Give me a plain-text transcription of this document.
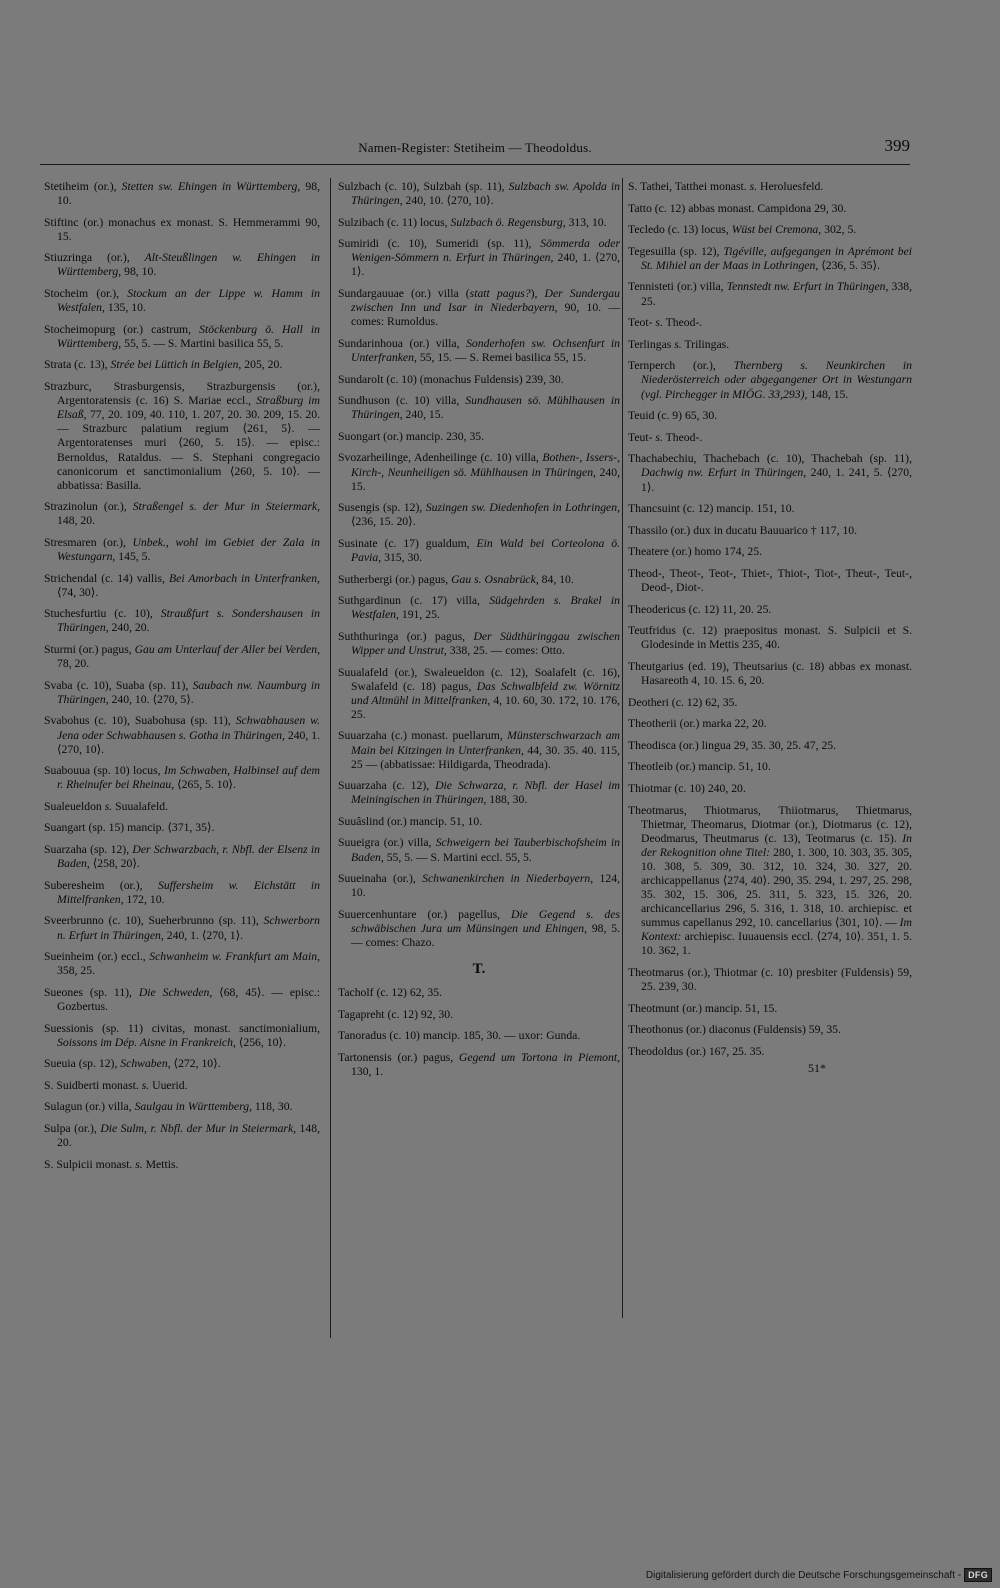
Namen-Register: Stetiheim — Theodoldus.	399

Stetiheim (or.), Stetten sw. Ehingen in Württemberg, 98, 10.

Stiftinc (or.) monachus ex monast. S. Hemmerammi 90, 15.

Stiuzringa (or.), Alt-Steußlingen w. Ehingen in Württemberg, 98, 10.

Stocheim (or.), Stockum an der Lippe w. Hamm in Westfalen, 135, 10.

Stocheimopurg (or.) castrum, Stöckenburg ö. Hall in Württemberg, 55, 5. — S. Martini basilica 55, 5.

Strata (c. 13), Strée bei Lüttich in Belgien, 205, 20.

Strazburc, Strasburgensis, Strazburgensis (or.), Argentoratensis (c. 16) S. Mariae eccl., Straßburg im Elsaß, 77, 20. 109, 40. 110, 1. 207, 20. 30. 209, 15. 20. — Strazburc palatium regium ⟨261, 5⟩. — Argentoratenses muri ⟨260, 5. 15⟩. — episc.: Bernoldus, Rataldus. — S. Stephani congregacio canonicorum et sanctimonialium ⟨260, 5. 10⟩. — abbatissa: Basilla.

Strazinolun (or.), Straßengel s. der Mur in Steiermark, 148, 20.

Stresmaren (or.), Unbek., wohl im Gebiet der Zala in Westungarn, 145, 5.

Strichendal (c. 14) vallis, Bei Amorbach in Unterfranken, ⟨74, 30⟩.

Stuchesfurtiu (c. 10), Straußfurt s. Sondershausen in Thüringen, 240, 20.

Sturmi (or.) pagus, Gau am Unterlauf der Aller bei Verden, 78, 20.

Svaba (c. 10), Suaba (sp. 11), Saubach nw. Naumburg in Thüringen, 240, 10. ⟨270, 5⟩.

Svabohus (c. 10), Suabohusa (sp. 11), Schwabhausen w. Jena oder Schwabhausen s. Gotha in Thüringen, 240, 1. ⟨270, 10⟩.

Suabouua (sp. 10) locus, Im Schwaben, Halbinsel auf dem r. Rheinufer bei Rheinau, ⟨265, 5. 10⟩.

Sualeueldon s. Suualafeld.

Suangart (sp. 15) mancip. ⟨371, 35⟩.

Suarzaha (sp. 12), Der Schwarzbach, r. Nbfl. der Elsenz in Baden, ⟨258, 20⟩.

Suberesheim (or.), Suffersheim w. Eichstätt in Mittelfranken, 172, 10.

Sveerbrunno (c. 10), Sueherbrunno (sp. 11), Schwerborn n. Erfurt in Thüringen, 240, 1. ⟨270, 1⟩.

Sueinheim (or.) eccl., Schwanheim w. Frankfurt am Main, 358, 25.

Sueones (sp. 11), Die Schweden, ⟨68, 45⟩. — episc.: Gozbertus.

Suessionis (sp. 11) civitas, monast. sanctimonialium, Soissons im Dép. Aisne in Frankreich, ⟨256, 10⟩.

Sueuia (sp. 12), Schwaben, ⟨272, 10⟩.

S. Suidberti monast. s. Uuerid.

Sulagun (or.) villa, Saulgau in Württemberg, 118, 30.

Sulpa (or.), Die Sulm, r. Nbfl. der Mur in Steiermark, 148, 20.

S. Sulpicii monast. s. Mettis.

Sulzbach (c. 10), Sulzbah (sp. 11), Sulzbach sw. Apolda in Thüringen, 240, 10. ⟨270, 10⟩.

Sulzibach (c. 11) locus, Sulzbach ö. Regensburg, 313, 10.

Sumiridi (c. 10), Sumeridi (sp. 11), Sömmerda oder Wenigen-Sömmern n. Erfurt in Thüringen, 240, 1. ⟨270, 1⟩.

Sundargauuae (or.) villa (statt pagus?), Der Sundergau zwischen Inn und Isar in Niederbayern, 90, 10. — comes: Rumoldus.

Sundarinhoua (or.) villa, Sonderhofen sw. Ochsenfurt in Unterfranken, 55, 15. — S. Remei basilica 55, 15.

Sundarolt (c. 10) (monachus Fuldensis) 239, 30.

Sundhuson (c. 10) villa, Sundhausen sö. Mühlhausen in Thüringen, 240, 15.

Suongart (or.) mancip. 230, 35.

Svozarheilinge, Adenheilinge (c. 10) villa, Bothen-, Issers-, Kirch-, Neunheiligen sö. Mühlhausen in Thüringen, 240, 15.

Susengis (sp. 12), Suzingen sw. Diedenhofen in Lothringen, ⟨236, 15. 20⟩.

Susinate (c. 17) gualdum, Ein Wald bei Corteolona ö. Pavia, 315, 30.

Sutherbergi (or.) pagus, Gau s. Osnabrück, 84, 10.

Suthgardinun (c. 17) villa, Südgehrden s. Brakel in Westfalen, 191, 25.

Suththuringa (or.) pagus, Der Südthüringgau zwischen Wipper und Unstrut, 338, 25. — comes: Otto.

Suualafeld (or.), Swaleueldon (c. 12), Soalafelt (c. 16), Swalafeld (c. 18) pagus, Das Schwalbfeld zw. Wörnitz und Altmühl in Mittelfranken, 4, 10. 60, 30. 172, 10. 176, 25.

Suuarzaha (c.) monast. puellarum, Münsterschwarzach am Main bei Kitzingen in Unterfranken, 44, 30. 35. 40. 115, 25 — (abbatissae: Hildigarda, Theodrada).

Suuarzaha (c. 12), Die Schwarza, r. Nbfl. der Hasel im Meiningischen in Thüringen, 188, 30.

Suuâslind (or.) mancip. 51, 10.

Suueigra (or.) villa, Schweigern bei Tauberbischofsheim in Baden, 55, 5. — S. Martini eccl. 55, 5.

Suueinaha (or.), Schwanenkirchen in Niederbayern, 124, 10.

Suuercenhuntare (or.) pagellus, Die Gegend s. des schwäbischen Jura um Münsingen und Ehingen, 98, 5. — comes: Chazo.

T.

Tacholf (c. 12) 62, 35.

Tagapreht (c. 12) 92, 30.

Tanoradus (c. 10) mancip. 185, 30. — uxor: Gunda.

Tartonensis (or.) pagus, Gegend um Tortona in Piemont, 130, 1.

S. Tathei, Tatthei monast. s. Heroluesfeld.

Tatto (c. 12) abbas monast. Campidona 29, 30.

Tecledo (c. 13) locus, Wüst bei Cremona, 302, 5.

Tegesuilla (sp. 12), Tigéville, aufgegangen in Aprémont bei St. Mihiel an der Maas in Lothringen, ⟨236, 5. 35⟩.

Tennisteti (or.) villa, Tennstedt nw. Erfurt in Thüringen, 338, 25.

Teot- s. Theod-.

Terlingas s. Trilingas.

Ternperch (or.), Thernberg s. Neunkirchen in Niederösterreich oder abgegangener Ort in Westungarn (vgl. Pirchegger in MIÖG. 33,293), 148, 15.

Teuid (c. 9) 65, 30.

Teut- s. Theod-.

Thachabechiu, Thachebach (c. 10), Thachebah (sp. 11), Dachwig nw. Erfurt in Thüringen, 240, 1. 241, 5. ⟨270, 1⟩.

Thancsuint (c. 12) mancip. 151, 10.

Thassilo (or.) dux in ducatu Bauuarico † 117, 10.

Theatere (or.) homo 174, 25.

Theod-, Theot-, Teot-, Thiet-, Thiot-, Tiot-, Theut-, Teut-, Deod-, Diot-.

Theodericus (c. 12) 11, 20. 25.

Teutfridus (c. 12) praepositus monast. S. Sulpicii et S. Glodesinde in Mettis 235, 40.

Theutgarius (ed. 19), Theutsarius (c. 18) abbas ex monast. Hasareoth 4, 10. 15. 6, 20.

Deotheri (c. 12) 62, 35.

Theotherii (or.) marka 22, 20.

Theodisca (or.) lingua 29, 35. 30, 25. 47, 25.

Theotleib (or.) mancip. 51, 10.

Thiotmar (c. 10) 240, 20.

Theotmarus, Thiotmarus, Thiiotmarus, Thietmarus, Thietmar, Theomarus, Diotmar (or.), Diotmarus (c. 12), Deodmarus, Theutmarus (c. 13), Teotmarus (c. 15). In der Rekognition ohne Titel: 280, 1. 300, 10. 303, 35. 305, 10. 308, 5. 309, 30. 312, 10. 324, 30. 327, 20. archicappellanus ⟨274, 40⟩. 290, 35. 294, 1. 297, 25. 298, 35. 302, 15. 306, 25. 311, 5. 323, 15. 326, 20. archicancellarius 296, 5. 316, 1. 318, 10. archiepisc. et summus capellanus 292, 10. cancellarius ⟨301, 10⟩. — Im Kontext: archiepisc. Iuuauensis eccl. ⟨274, 10⟩. 351, 1. 5. 10. 362, 1.

Theotmarus (or.), Thiotmar (c. 10) presbiter (Fuldensis) 59, 25. 239, 30.

Theotmunt (or.) mancip. 51, 15.

Theothonus (or.) diaconus (Fuldensis) 59, 35.

Theodoldus (or.) 167, 25. 35.

51*
Digitalisierung gefördert durch die Deutsche Forschungsgemeinschaft - DFG
